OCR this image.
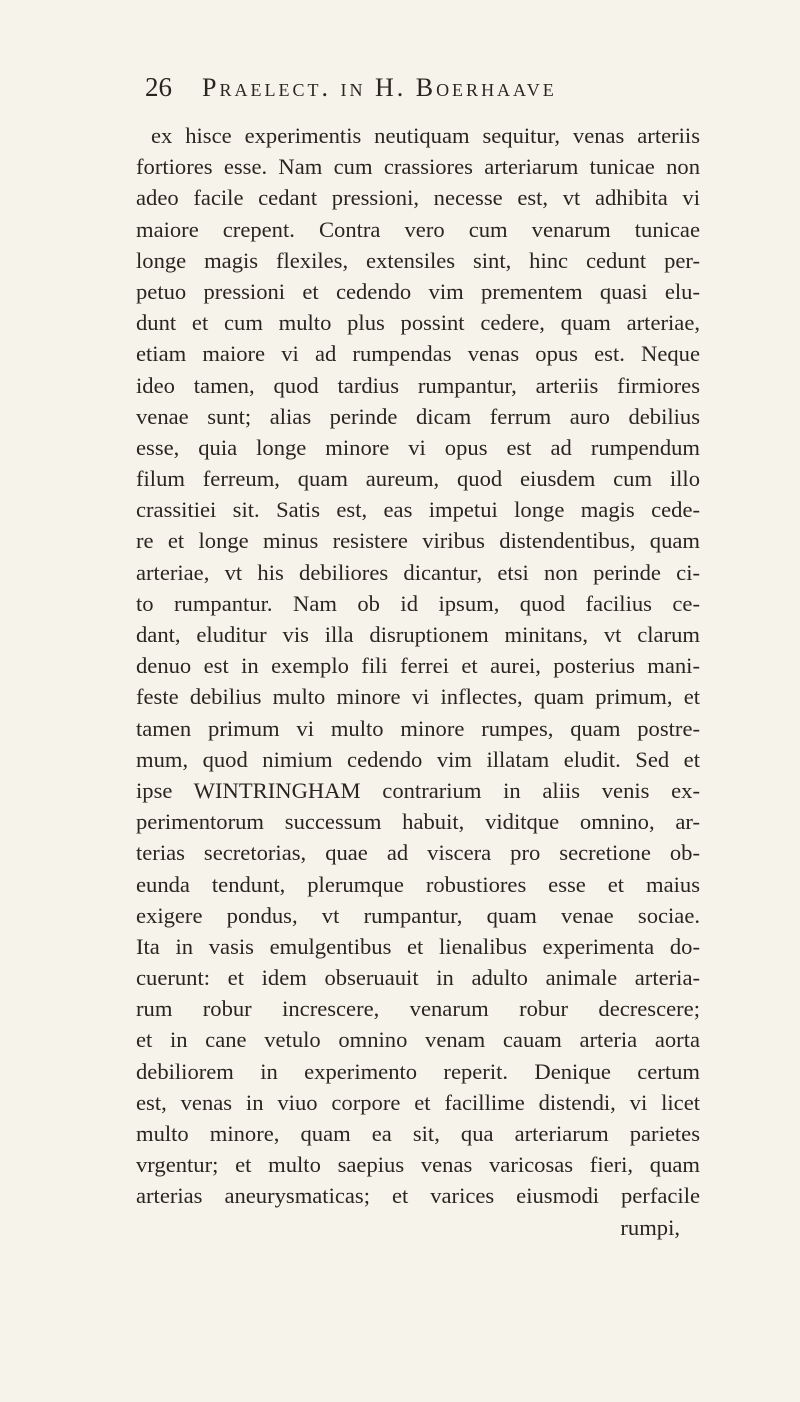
26 Praelect. in H. Boerhaave
ex hisce experimentis neutiquam sequitur, venas arteriis
fortiores esse. Nam cum crassiores arteriarum tunicae non
adeo facile cedant pressioni, necesse est, vt adhibita vi
maiore crepent. Contra vero cum venarum tunicae
longe magis flexiles, extensiles sint, hinc cedunt per-
petuo pressioni et cedendo vim prementem quasi elu-
dunt et cum multo plus possint cedere, quam arteriae,
etiam maiore vi ad rumpendas venas opus est. Neque
ideo tamen, quod tardius rumpantur, arteriis firmiores
venae sunt; alias perinde dicam ferrum auro debilius
esse, quia longe minore vi opus est ad rumpendum
filum ferreum, quam aureum, quod eiusdem cum illo
crassitiei sit. Satis est, eas impetui longe magis cede-
re et longe minus resistere viribus distendentibus, quam
arteriae, vt his debiliores dicantur, etsi non perinde ci-
to rumpantur. Nam ob id ipsum, quod facilius ce-
dant, eluditur vis illa disruptionem minitans, vt clarum
denuo est in exemplo fili ferrei et aurei, posterius mani-
feste debilius multo minore vi inflectes, quam primum, et
tamen primum vi multo minore rumpes, quam postre-
mum, quod nimium cedendo vim illatam eludit. Sed et
ipse WINTRINGHAM contrarium in aliis venis ex-
perimentorum successum habuit, viditque omnino, ar-
terias secretorias, quae ad viscera pro secretione ob-
eunda tendunt, plerumque robustiores esse et maius
exigere pondus, vt rumpantur, quam venae sociae.
Ita in vasis emulgentibus et lienalibus experimenta do-
cuerunt: et idem obseruauit in adulto animale arteria-
rum robur increscere, venarum robur decrescere;
et in cane vetulo omnino venam cauam arteria aorta
debiliorem in experimento reperit. Denique certum
est, venas in viuo corpore et facillime distendi, vi licet
multo minore, quam ea sit, qua arteriarum parietes
vrgentur; et multo saepius venas varicosas fieri, quam
arterias aneurysmaticas; et varices eiusmodi perfacile
rumpi,
